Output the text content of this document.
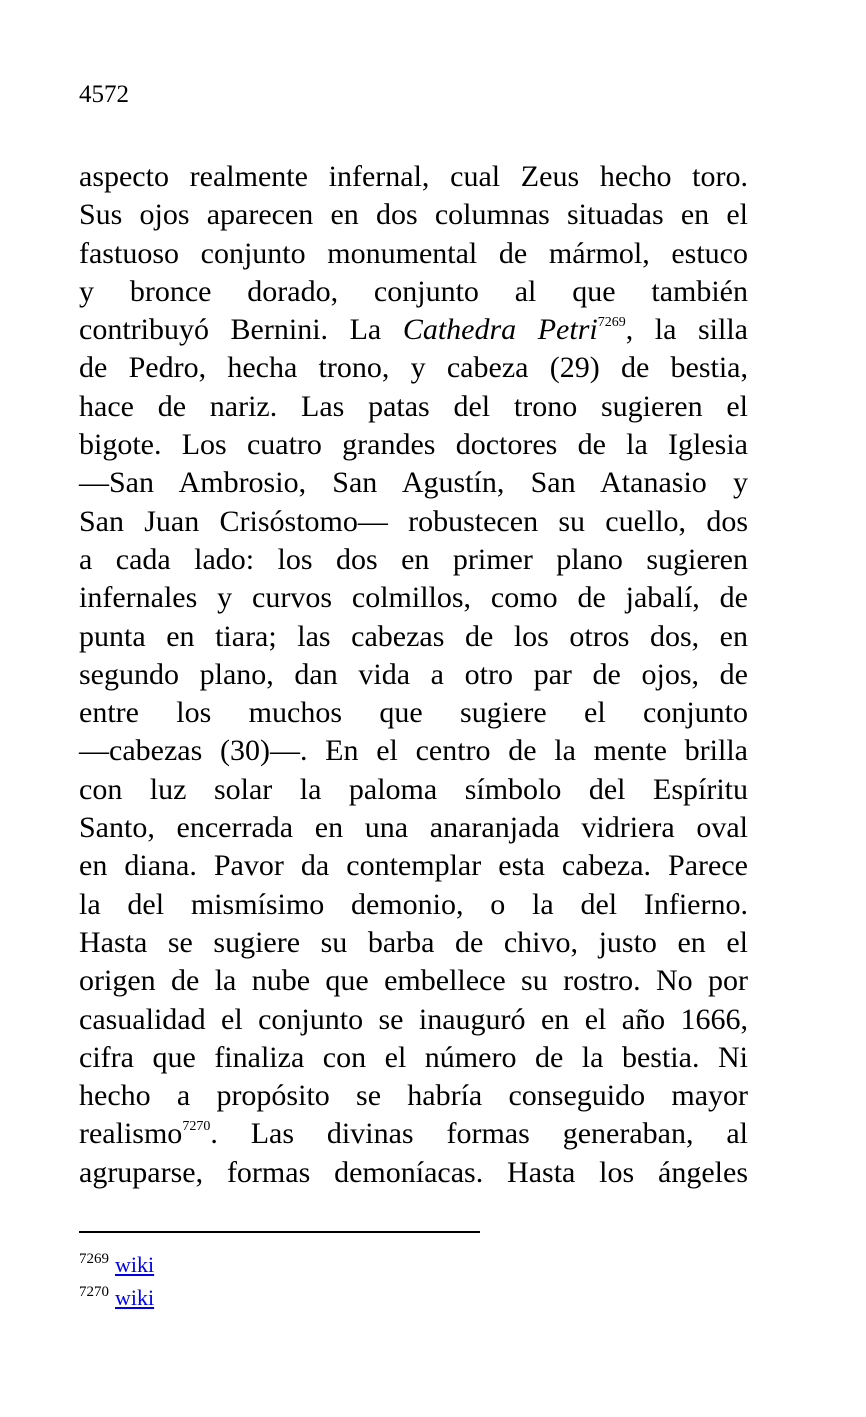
4572
aspecto realmente infernal, cual Zeus hecho toro.
Sus ojos aparecen en dos columnas situadas en el
fastuoso conjunto monumental de mármol, estuco
y bronce dorado, conjunto al que también
contribuyó Bernini. La Cathedra Petri$^{7269}$, la silla
de Pedro, hecha trono, y cabeza (29) de bestia,
hace de nariz. Las patas del trono sugieren el
bigote. Los cuatro grandes doctores de la Iglesia
—San Ambrosio, San Agustín, San Atanasio y
San Juan Crisóstomo— robustecen su cuello, dos
a cada lado: los dos en primer plano sugieren
infernales y curvos colmillos, como de jabalí, de
punta en tiara; las cabezas de los otros dos, en
segundo plano, dan vida a otro par de ojos, de
entre los muchos que sugiere el conjunto
—cabezas (30)—. En el centro de la mente brilla
con luz solar la paloma símbolo del Espíritu
Santo, encerrada en una anaranjada vidriera oval
en diana. Pavor da contemplar esta cabeza. Parece
la del mismísimo demonio, o la del Infierno.
Hasta se sugiere su barba de chivo, justo en el
origen de la nube que embellece su rostro. No por
casualidad el conjunto se inauguró en el año 1666,
cifra que finaliza con el número de la bestia. Ni
hecho a propósito se habría conseguido mayor
realismo$^{7270}$. Las divinas formas generaban, al
agruparse, formas demoníacas. Hasta los ángeles
$^{7269}$ wiki
$^{7270}$ wiki
